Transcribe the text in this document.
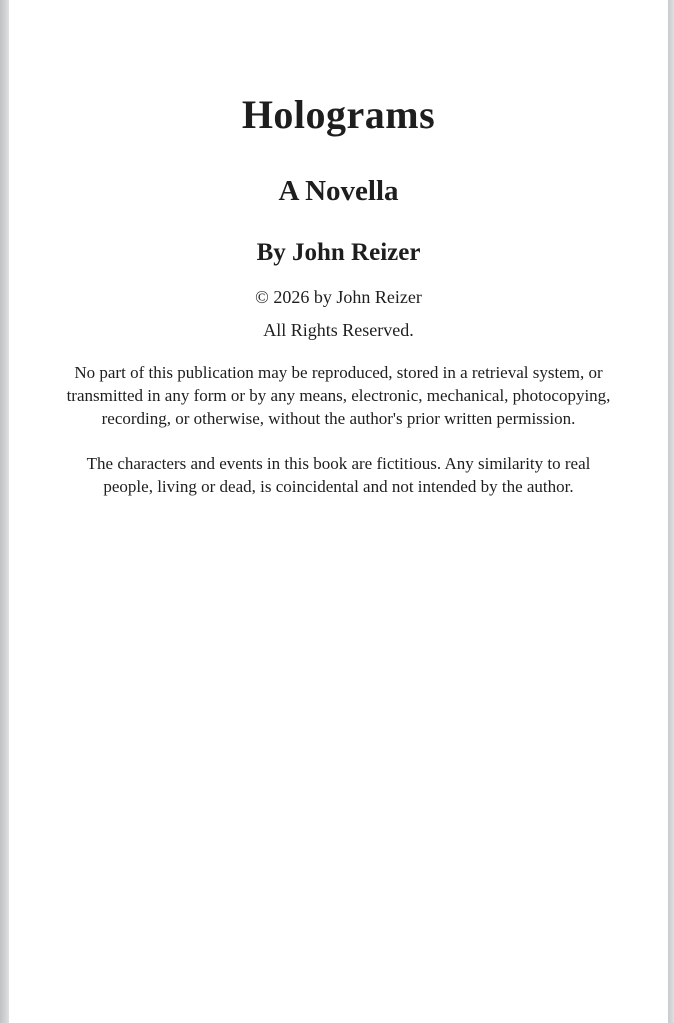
Holograms
A Novella
By John Reizer

© 2026 by John Reizer

All Rights Reserved.

No part of this publication may be reproduced, stored in a retrieval system, or transmitted in any form or by any means, electronic, mechanical, photocopying, recording, or otherwise, without the author's prior written permission.

The characters and events in this book are fictitious. Any similarity to real people, living or dead, is coincidental and not intended by the author.
